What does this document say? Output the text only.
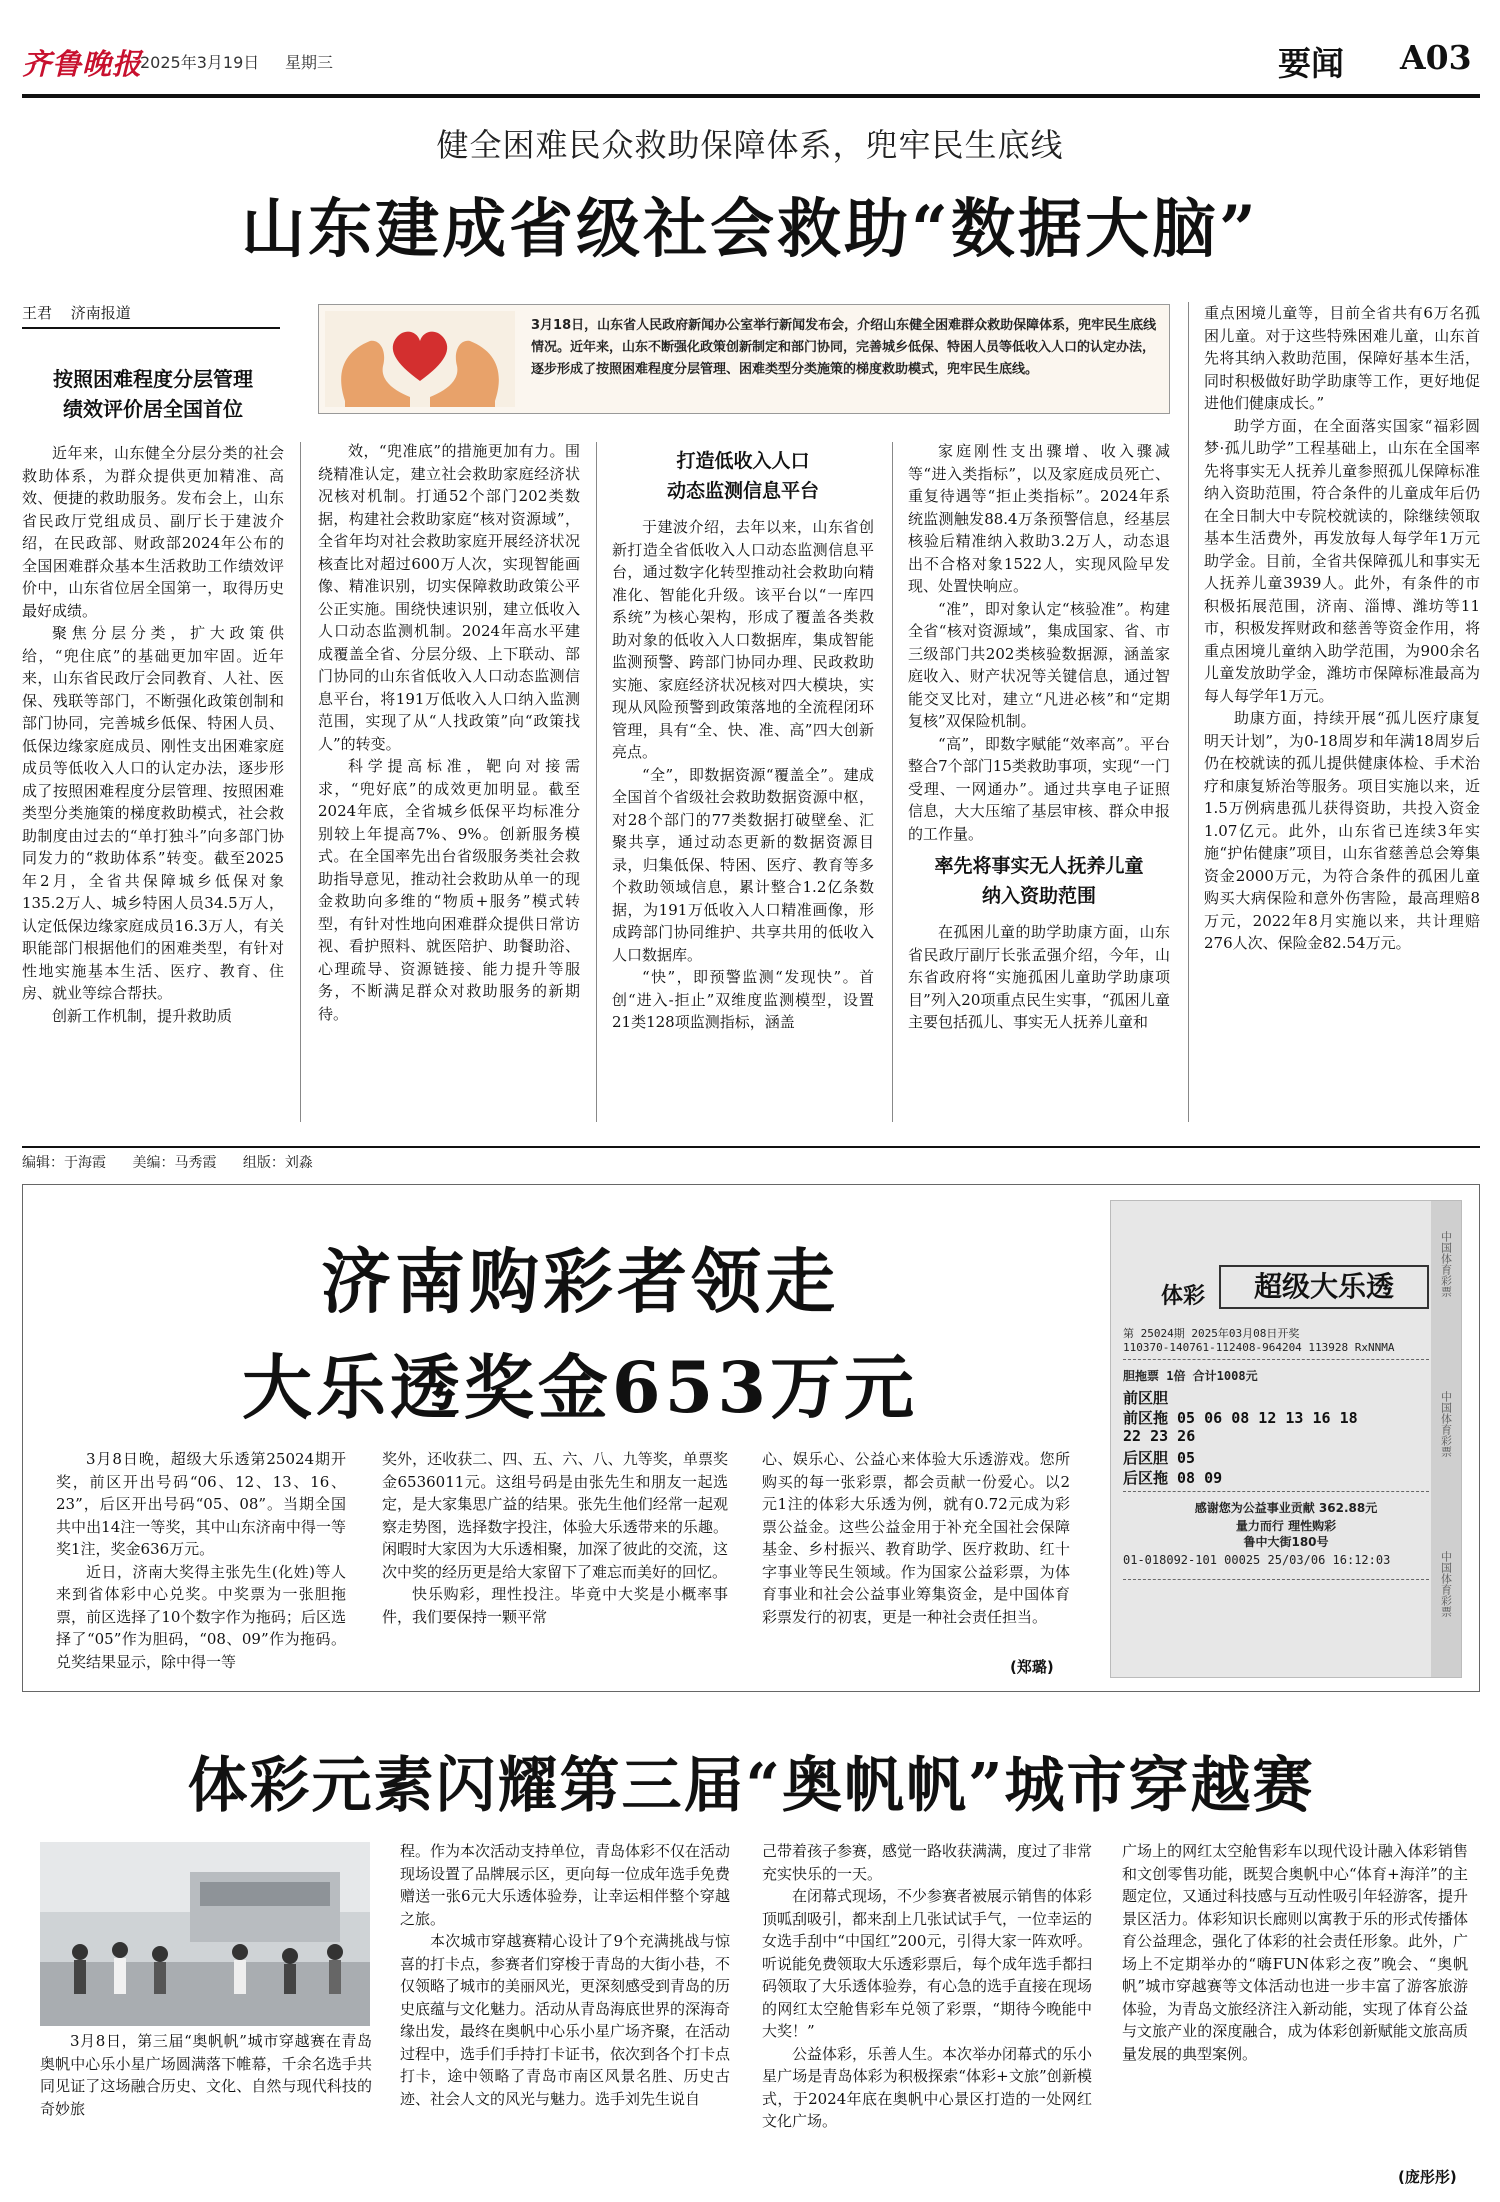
齐鲁晚报
2025年3月19日 星期三	要闻 A03
健全困难民众救助保障体系，兜牢民生底线
山东建成省级社会救助“数据大脑”
王君 济南报道
按照困难程度分层管理
绩效评价居全国首位
3月18日，山东省人民政府新闻办公室举行新闻发布会，介绍山东健全困难群众救助保障体系，兜牢民生底线情况。近年来，山东不断强化政策创新制定和部门协同，完善城乡低保、特困人员等低收入人口的认定办法，逐步形成了按照困难程度分层管理、困难类型分类施策的梯度救助模式，兜牢民生底线。

近年来，山东健全分层分类的社会救助体系，为群众提供更加精准、高效、便捷的救助服务。发布会上，山东省民政厅党组成员、副厅长于建波介绍，在民政部、财政部2024年公布的全国困难群众基本生活救助工作绩效评价中，山东省位居全国第一，取得历史最好成绩。

聚焦分层分类，扩大政策供给，“兜住底”的基础更加牢固。近年来，山东省民政厅会同教育、人社、医保、残联等部门，不断强化政策创制和部门协同，完善城乡低保、特困人员、低保边缘家庭成员、刚性支出困难家庭成员等低收入人口的认定办法，逐步形成了按照困难程度分层管理、按照困难类型分类施策的梯度救助模式，社会救助制度由过去的“单打独斗”向多部门协同发力的“救助体系”转变。截至2025年2月，全省共保障城乡低保对象135.2万人、城乡特困人员34.5万人，认定低保边缘家庭成员16.3万人，有关职能部门根据他们的困难类型，有针对性地实施基本生活、医疗、教育、住房、就业等综合帮扶。

创新工作机制，提升救助质

效，“兜准底”的措施更加有力。围绕精准认定，建立社会救助家庭经济状况核对机制。打通52个部门202类数据，构建社会救助家庭“核对资源域”，全省年均对社会救助家庭开展经济状况核查比对超过600万人次，实现智能画像、精准识别，切实保障救助政策公平公正实施。围绕快速识别，建立低收入人口动态监测机制。2024年高水平建成覆盖全省、分层分级、上下联动、部门协同的山东省低收入人口动态监测信息平台，将191万低收入人口纳入监测范围，实现了从“人找政策”向“政策找人”的转变。

科学提高标准，靶向对接需求，“兜好底”的成效更加明显。截至2024年底，全省城乡低保平均标准分别较上年提高7%、9%。创新服务模式。在全国率先出台省级服务类社会救助指导意见，推动社会救助从单一的现金救助向多维的“物质+服务”模式转型，有针对性地向困难群众提供日常访视、看护照料、就医陪护、助餐助浴、心理疏导、资源链接、能力提升等服务，不断满足群众对救助服务的新期待。

打造低收入人口
动态监测信息平台

于建波介绍，去年以来，山东省创新打造全省低收入人口动态监测信息平台，通过数字化转型推动社会救助向精准化、智能化升级。该平台以“一库四系统”为核心架构，形成了覆盖各类救助对象的低收入人口数据库，集成智能监测预警、跨部门协同办理、民政救助实施、家庭经济状况核对四大模块，实现从风险预警到政策落地的全流程闭环管理，具有“全、快、准、高”四大创新亮点。

“全”，即数据资源“覆盖全”。建成全国首个省级社会救助数据资源中枢，对28个部门的77类数据打破壁垒、汇聚共享，通过动态更新的数据资源目录，归集低保、特困、医疗、教育等多个救助领域信息，累计整合1.2亿条数据，为191万低收入人口精准画像，形成跨部门协同维护、共享共用的低收入人口数据库。

“快”，即预警监测“发现快”。首创“进入-拒止”双维度监测模型，设置21类128项监测指标，涵盖

家庭刚性支出骤增、收入骤减等“进入类指标”，以及家庭成员死亡、重复待遇等“拒止类指标”。2024年系统监测触发88.4万条预警信息，经基层核验后精准纳入救助3.2万人，动态退出不合格对象1522人，实现风险早发现、处置快响应。

“准”，即对象认定“核验准”。构建全省“核对资源域”，集成国家、省、市三级部门共202类核验数据源，涵盖家庭收入、财产状况等关键信息，通过智能交叉比对，建立“凡进必核”和“定期复核”双保险机制。

“高”，即数字赋能“效率高”。平台整合7个部门15类救助事项，实现“一门受理、一网通办”。通过共享电子证照信息，大大压缩了基层审核、群众申报的工作量。

率先将事实无人抚养儿童
纳入资助范围

在孤困儿童的助学助康方面，山东省民政厅副厅长张孟强介绍，今年，山东省政府将“实施孤困儿童助学助康项目”列入20项重点民生实事，“孤困儿童主要包括孤儿、事实无人抚养儿童和

重点困境儿童等，目前全省共有6万名孤困儿童。对于这些特殊困难儿童，山东首先将其纳入救助范围，保障好基本生活，同时积极做好助学助康等工作，更好地促进他们健康成长。”

助学方面，在全面落实国家“福彩圆梦·孤儿助学”工程基础上，山东在全国率先将事实无人抚养儿童参照孤儿保障标准纳入资助范围，符合条件的儿童成年后仍在全日制大中专院校就读的，除继续领取基本生活费外，再发放每人每学年1万元助学金。目前，全省共保障孤儿和事实无人抚养儿童3939人。此外，有条件的市积极拓展范围，济南、淄博、潍坊等11市，积极发挥财政和慈善等资金作用，将重点困境儿童纳入助学范围，为900余名儿童发放助学金，潍坊市保障标准最高为每人每学年1万元。

助康方面，持续开展“孤儿医疗康复明天计划”，为0-18周岁和年满18周岁后仍在校就读的孤儿提供健康体检、手术治疗和康复矫治等服务。项目实施以来，近1.5万例病患孤儿获得资助，共投入资金1.07亿元。此外，山东省已连续3年实施“护佑健康”项目，山东省慈善总会筹集资金2000万元，为符合条件的孤困儿童购买大病保险和意外伤害险，最高理赔8万元，2022年8月实施以来，共计理赔276人次、保险金82.54万元。

编辑：于海霞 美编：马秀霞 组版：刘淼
济南购彩者领走
大乐透奖金653万元

3月8日晚，超级大乐透第25024期开奖，前区开出号码“06、12、13、16、23”，后区开出号码“05、08”。当期全国共中出14注一等奖，其中山东济南中得一等奖1注，奖金636万元。

近日，济南大奖得主张先生(化姓)等人来到省体彩中心兑奖。中奖票为一张胆拖票，前区选择了10个数字作为拖码；后区选择了“05”作为胆码，“08、09”作为拖码。兑奖结果显示，除中得一等

奖外，还收获二、四、五、六、八、九等奖，单票奖金6536011元。这组号码是由张先生和朋友一起选定，是大家集思广益的结果。张先生他们经常一起观察走势图，选择数字投注，体验大乐透带来的乐趣。闲暇时大家因为大乐透相聚，加深了彼此的交流，这次中奖的经历更是给大家留下了难忘而美好的回忆。

快乐购彩，理性投注。毕竟中大奖是小概率事件，我们要保持一颗平常

心、娱乐心、公益心来体验大乐透游戏。您所购买的每一张彩票，都会贡献一份爱心。以2元1注的体彩大乐透为例，就有0.72元成为彩票公益金。这些公益金用于补充全国社会保障基金、乡村振兴、教育助学、医疗救助、红十字事业等民生领域。作为国家公益彩票，为体育事业和社会公益事业筹集资金，是中国体育彩票发行的初衷，更是一种社会责任担当。

(郑璐)
中国体育彩票
中国体育彩票
中国体育彩票
体彩	超级大乐透
第 25024期 2025年03月08日开奖
110370-140761-112408-964204 113928 RxNNMA
胆拖票 1倍 合计1008元
前区胆
前区拖 05 06 08 12 13 16 18
22 23 26
后区胆 05
后区拖 08 09
感谢您为公益事业贡献 362.88元
量力而行 理性购彩
鲁中大街180号
01-018092-101 00025 25/03/06 16:12:03
体彩元素闪耀第三届“奥帆帆”城市穿越赛

3月8日，第三届“奥帆帆”城市穿越赛在青岛奥帆中心乐小星广场圆满落下帷幕，千余名选手共同见证了这场融合历史、文化、自然与现代科技的奇妙旅

程。作为本次活动支持单位，青岛体彩不仅在活动现场设置了品牌展示区，更向每一位成年选手免费赠送一张6元大乐透体验券，让幸运相伴整个穿越之旅。

本次城市穿越赛精心设计了9个充满挑战与惊喜的打卡点，参赛者们穿梭于青岛的大街小巷，不仅领略了城市的美丽风光，更深刻感受到青岛的历史底蕴与文化魅力。活动从青岛海底世界的深海奇缘出发，最终在奥帆中心乐小星广场齐聚，在活动过程中，选手们手持打卡证书，依次到各个打卡点打卡，途中领略了青岛市南区风景名胜、历史古迹、社会人文的风光与魅力。选手刘先生说自

己带着孩子参赛，感觉一路收获满满，度过了非常充实快乐的一天。

在闭幕式现场，不少参赛者被展示销售的体彩顶呱刮吸引，都来刮上几张试试手气，一位幸运的女选手刮中“中国红”200元，引得大家一阵欢呼。听说能免费领取大乐透彩票后，每个成年选手都扫码领取了大乐透体验券，有心急的选手直接在现场的网红太空舱售彩车兑领了彩票，“期待今晚能中大奖！”

公益体彩，乐善人生。本次举办闭幕式的乐小星广场是青岛体彩为积极探索“体彩+文旅”创新模式，于2024年底在奥帆中心景区打造的一处网红文化广场。

广场上的网红太空舱售彩车以现代设计融入体彩销售和文创零售功能，既契合奥帆中心“体育+海洋”的主题定位，又通过科技感与互动性吸引年轻游客，提升景区活力。体彩知识长廊则以寓教于乐的形式传播体育公益理念，强化了体彩的社会责任形象。此外，广场上不定期举办的“嗨FUN体彩之夜”晚会、“奥帆帆”城市穿越赛等文体活动也进一步丰富了游客旅游体验，为青岛文旅经济注入新动能，实现了体育公益与文旅产业的深度融合，成为体彩创新赋能文旅高质量发展的典型案例。

(庞彤彤)
